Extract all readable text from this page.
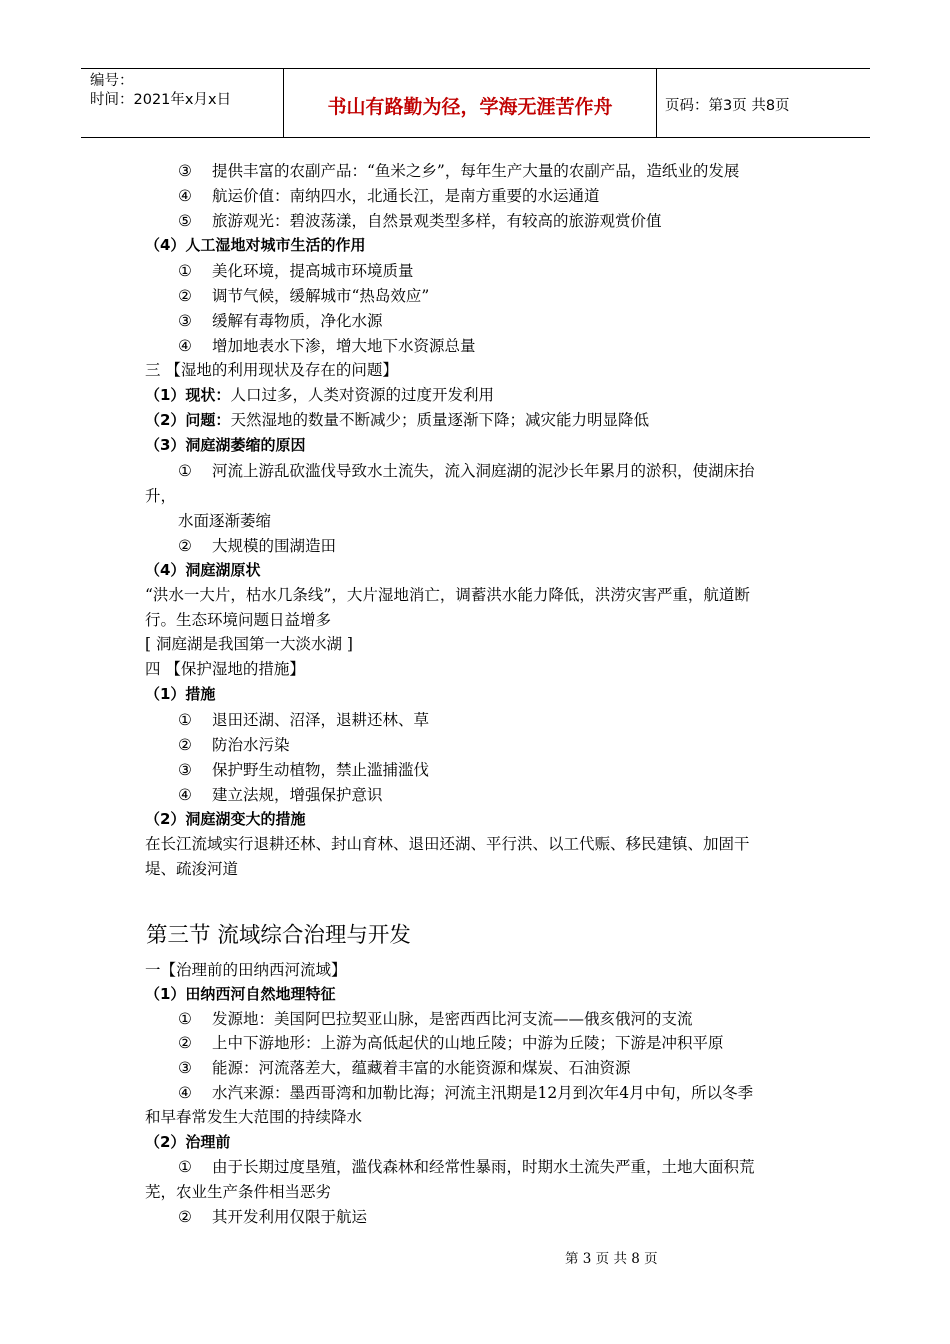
编号：
时间：2021年x月x日	书山有路勤为径，学海无涯苦作舟	页码：第3页 共8页
③ 提供丰富的农副产品：“鱼米之乡”，每年生产大量的农副产品，造纸业的发展
④ 航运价值：南纳四水，北通长江，是南方重要的水运通道
⑤ 旅游观光：碧波荡漾，自然景观类型多样，有较高的旅游观赏价值
（4）人工湿地对城市生活的作用
① 美化环境，提高城市环境质量
② 调节气候，缓解城市“热岛效应”
③ 缓解有毒物质，净化水源
④ 增加地表水下渗，增大地下水资源总量
三 【湿地的利用现状及存在的问题】
（1）现状：人口过多，人类对资源的过度开发利用
（2）问题：天然湿地的数量不断减少；质量逐渐下降；减灾能力明显降低
（3）洞庭湖萎缩的原因
① 河流上游乱砍滥伐导致水土流失，流入洞庭湖的泥沙长年累月的淤积，使湖床抬
升，
水面逐渐萎缩
② 大规模的围湖造田
（4）洞庭湖原状
“洪水一大片，枯水几条线”，大片湿地消亡，调蓄洪水能力降低，洪涝灾害严重，航道断
行。生态环境问题日益增多
[ 洞庭湖是我国第一大淡水湖 ]
四 【保护湿地的措施】
（1）措施
① 退田还湖、沼泽，退耕还林、草
② 防治水污染
③ 保护野生动植物，禁止滥捕滥伐
④ 建立法规，增强保护意识
（2）洞庭湖变大的措施
在长江流域实行退耕还林、封山育林、退田还湖、平行洪、以工代赈、移民建镇、加固干
堤、疏浚河道
第三节 流域综合治理与开发
一【治理前的田纳西河流域】
（1）田纳西河自然地理特征
① 发源地：美国阿巴拉契亚山脉，是密西西比河支流——俄亥俄河的支流
② 上中下游地形：上游为高低起伏的山地丘陵；中游为丘陵；下游是冲积平原
③ 能源：河流落差大，蕴藏着丰富的水能资源和煤炭、石油资源
④ 水汽来源：墨西哥湾和加勒比海；河流主汛期是12月到次年4月中旬，所以冬季
和早春常发生大范围的持续降水
（2）治理前
① 由于长期过度垦殖，滥伐森林和经常性暴雨，时期水土流失严重，土地大面积荒
芜，农业生产条件相当恶劣
② 其开发利用仅限于航运
第 3 页 共 8 页
